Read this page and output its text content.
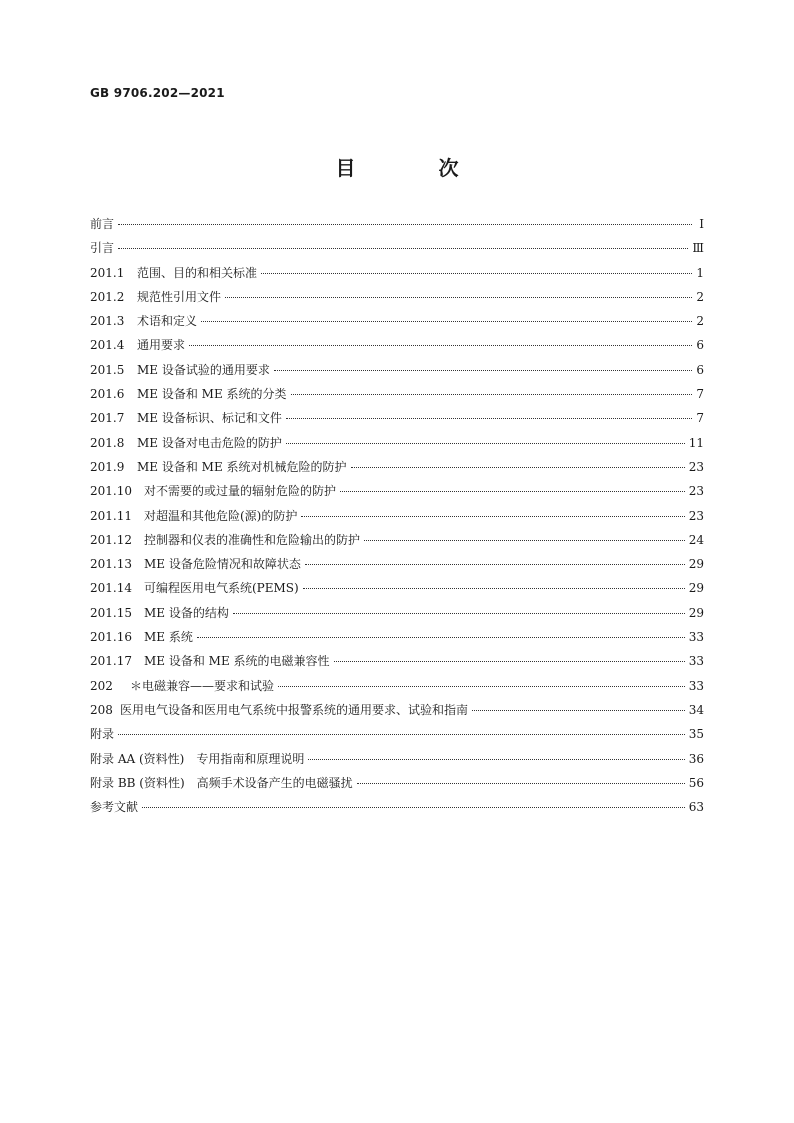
GB 9706.202—2021
目 次
前言	Ⅰ
引言	Ⅲ
201.1	范围、目的和相关标准	1
201.2	规范性引用文件	2
201.3	术语和定义	2
201.4	通用要求	6
201.5	ME 设备试验的通用要求	6
201.6	ME 设备和 ME 系统的分类	7
201.7	ME 设备标识、标记和文件	7
201.8	ME 设备对电击危险的防护	11
201.9	ME 设备和 ME 系统对机械危险的防护	23
201.10	对不需要的或过量的辐射危险的防护	23
201.11	对超温和其他危险(源)的防护	23
201.12	控制器和仪表的准确性和危险输出的防护	24
201.13	ME 设备危险情况和故障状态	29
201.14	可编程医用电气系统(PEMS)	29
201.15	ME 设备的结构	29
201.16	ME 系统	33
201.17	ME 设备和 ME 系统的电磁兼容性	33
202	＊电磁兼容——要求和试验	33
208 医用电气设备和医用电气系统中报警系统的通用要求、试验和指南	34
附录	35
附录 AA (资料性)　专用指南和原理说明	36
附录 BB (资料性)　高频手术设备产生的电磁骚扰	56
参考文献	63
